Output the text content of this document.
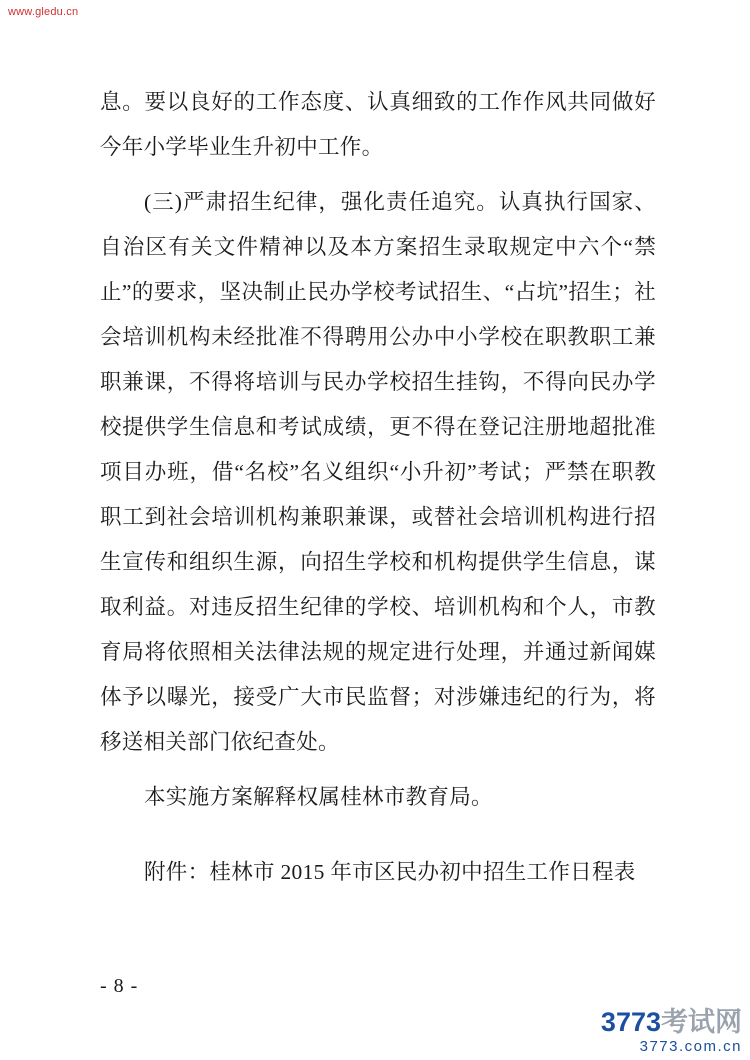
www.gledu.cn

息。要以良好的工作态度、认真细致的工作作风共同做好今年小学毕业生升初中工作。

(三)严肃招生纪律，强化责任追究。认真执行国家、自治区有关文件精神以及本方案招生录取规定中六个“禁止”的要求，坚决制止民办学校考试招生、“占坑”招生；社会培训机构未经批准不得聘用公办中小学校在职教职工兼职兼课，不得将培训与民办学校招生挂钩，不得向民办学校提供学生信息和考试成绩，更不得在登记注册地超批准项目办班，借“名校”名义组织“小升初”考试；严禁在职教职工到社会培训机构兼职兼课，或替社会培训机构进行招生宣传和组织生源，向招生学校和机构提供学生信息，谋取利益。对违反招生纪律的学校、培训机构和个人，市教育局将依照相关法律法规的规定进行处理，并通过新闻媒体予以曝光，接受广大市民监督；对涉嫌违纪的行为，将移送相关部门依纪查处。

本实施方案解释权属桂林市教育局。

附件：桂林市 2015 年市区民办初中招生工作日程表

- 8 -
3773考试网
3773.com.cn
